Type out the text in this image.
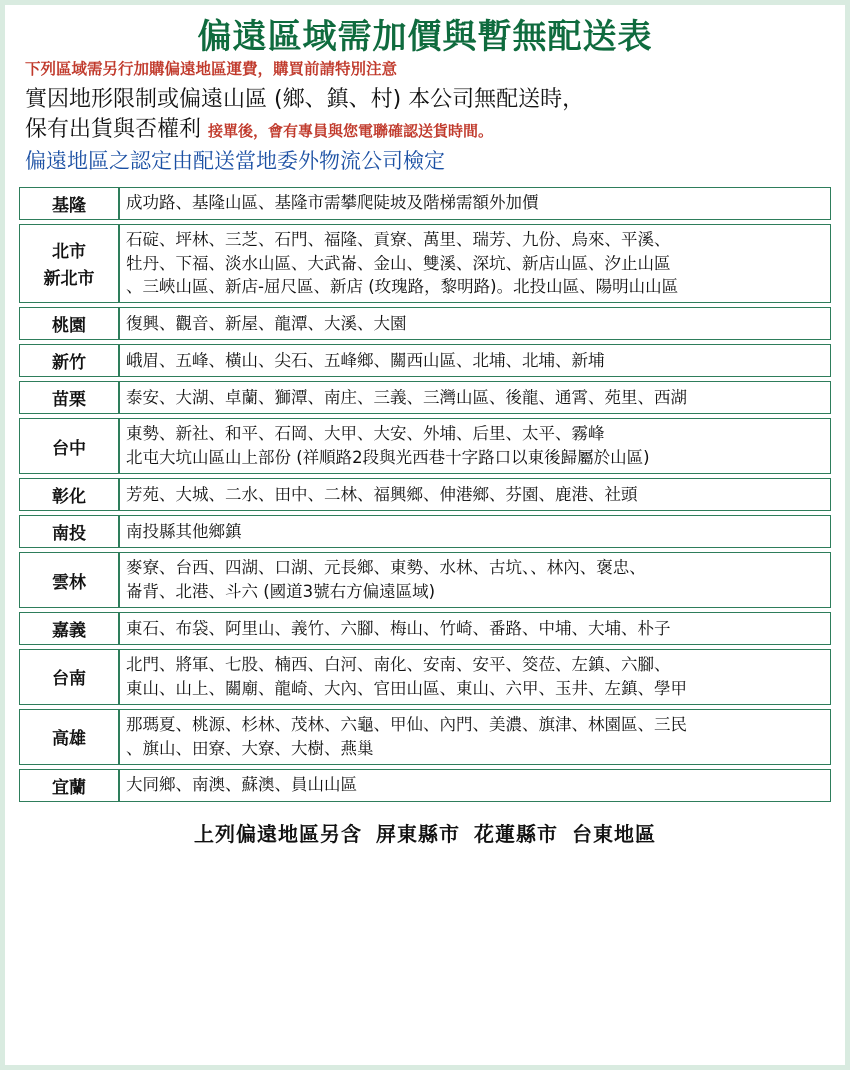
偏遠區域需加價與暫無配送表
下列區域需另行加購偏遠地區運費，購買前請特別注意
實因地形限制或偏遠山區 (鄉、鎮、村) 本公司無配送時，
保有出貨與否權利 接單後，會有專員與您電聯確認送貨時間。
偏遠地區之認定由配送當地委外物流公司檢定
基隆	成功路、基隆山區、基隆市需攀爬陡坡及階梯需額外加價

北市
新北市	石碇、坪林、三芝、石門、福隆、貢寮、萬里、瑞芳、九份、烏來、平溪、
牡丹、下福、淡水山區、大武崙、金山、雙溪、深坑、新店山區、汐止山區
、三峽山區、新店-屈尺區、新店 (玫瑰路，黎明路)。北投山區、陽明山山區

桃園	復興、觀音、新屋、龍潭、大溪、大園

新竹	峨眉、五峰、橫山、尖石、五峰鄉、關西山區、北埔、北埔、新埔

苗栗	泰安、大湖、卓蘭、獅潭、南庄、三義、三灣山區、後龍、通霄、苑里、西湖

台中	東勢、新社、和平、石岡、大甲、大安、外埔、后里、太平、霧峰
北屯大坑山區山上部份 (祥順路2段與光西巷十字路口以東後歸屬於山區)

彰化	芳苑、大城、二水、田中、二林、福興鄉、伸港鄉、芬園、鹿港、社頭

南投	南投縣其他鄉鎮

雲林	麥寮、台西、四湖、口湖、元長鄉、東勢、水林、古坑、、林內、褒忠、
崙背、北港、斗六 (國道3號右方偏遠區域)

嘉義	東石、布袋、阿里山、義竹、六腳、梅山、竹崎、番路、中埔、大埔、朴子

台南	北門、將軍、七股、楠西、白河、南化、安南、安平、筊莅、左鎮、六腳、
東山、山上、關廟、龍崎、大內、官田山區、東山、六甲、玉井、左鎮、學甲

高雄	那瑪夏、桃源、杉林、茂林、六龜、甲仙、內門、美濃、旗津、林園區、三民
、旗山、田寮、大寮、大樹、燕巢

宜蘭	大同鄉、南澳、蘇澳、員山山區
上列偏遠地區另含 屏東縣市 花蓮縣市 台東地區
